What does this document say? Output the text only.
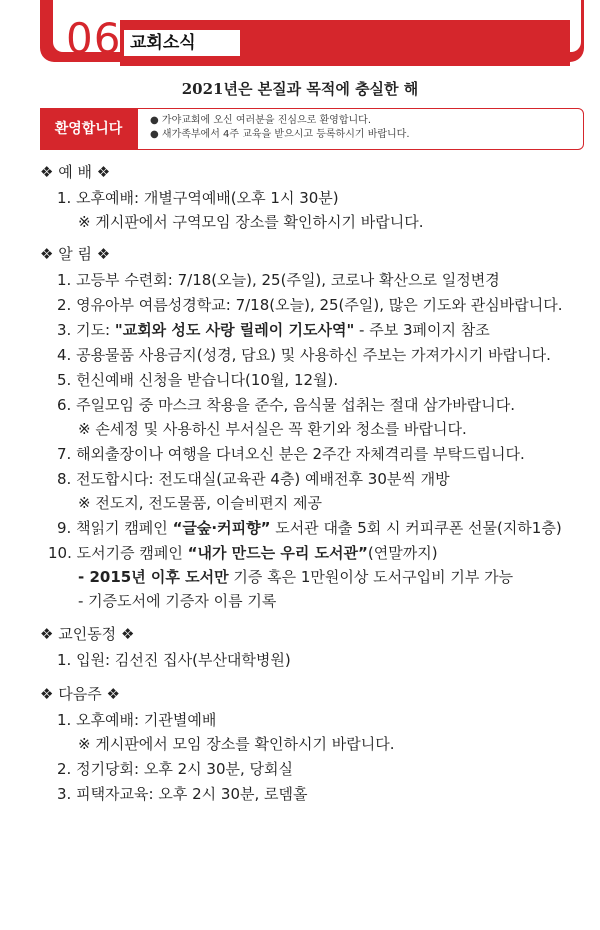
06 교회소식
2021년은 본질과 목적에 충실한 해
환영합니다
● 가야교회에 오신 여러분을 진심으로 환영합니다.
● 새가족부에서 4주 교육을 받으시고 등록하시기 바랍니다.
❖ 예 배 ❖
1. 오후예배: 개별구역예배(오후 1시 30분)
※ 게시판에서 구역모임 장소를 확인하시기 바랍니다.
❖ 알 림 ❖
1. 고등부 수련회: 7/18(오늘), 25(주일), 코로나 확산으로 일정변경
2. 영유아부 여름성경학교: 7/18(오늘), 25(주일), 많은 기도와 관심바랍니다.
3. 기도: "교회와 성도 사랑 릴레이 기도사역" - 주보 3페이지 참조
4. 공용물품 사용금지(성경, 담요) 및 사용하신 주보는 가져가시기 바랍니다.
5. 헌신예배 신청을 받습니다(10월, 12월).
6. 주일모임 중 마스크 착용을 준수, 음식물 섭취는 절대 삼가바랍니다.
※ 손세정 및 사용하신 부서실은 꼭 환기와 청소를 바랍니다.
7. 해외출장이나 여행을 다녀오신 분은 2주간 자체격리를 부탁드립니다.
8. 전도합시다: 전도대실(교육관 4층) 예배전후 30분씩 개방
※ 전도지, 전도물품, 이슬비편지 제공
9. 책읽기 캠페인 “글숲·커피향” 도서관 대출 5회 시 커피쿠폰 선물(지하1층)
10. 도서기증 캠페인 “내가 만드는 우리 도서관”(연말까지)
- 2015년 이후 도서만 기증 혹은 1만원이상 도서구입비 기부 가능
- 기증도서에 기증자 이름 기록
❖ 교인동정 ❖
1. 입원: 김선진 집사(부산대학병원)
❖ 다음주 ❖
1. 오후예배: 기관별예배
※ 게시판에서 모임 장소를 확인하시기 바랍니다.
2. 정기당회: 오후 2시 30분, 당회실
3. 피택자교육: 오후 2시 30분, 로뎀홀
